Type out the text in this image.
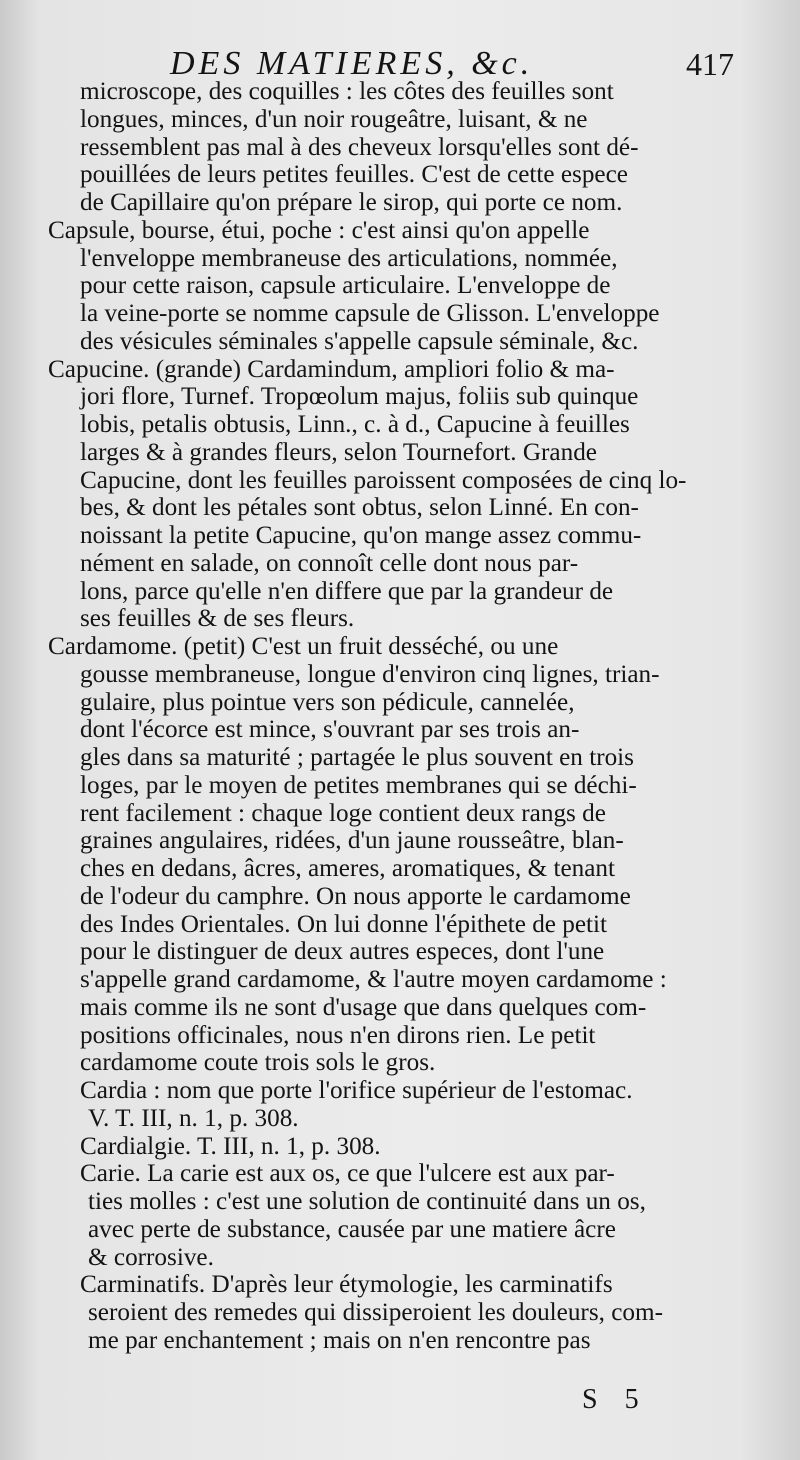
DES MATIERES, &c.	417
microscope, des coquilles : les côtes des feuilles sont
longues, minces, d'un noir rougeâtre, luisant, & ne
ressemblent pas mal à des cheveux lorsqu'elles sont dé-
pouillées de leurs petites feuilles. C'est de cette espece
de Capillaire qu'on prépare le sirop, qui porte ce nom.
Capsule, bourse, étui, poche : c'est ainsi qu'on appelle
l'enveloppe membraneuse des articulations, nommée,
pour cette raison, capsule articulaire. L'enveloppe de
la veine-porte se nomme capsule de Glisson. L'enveloppe
des vésicules séminales s'appelle capsule séminale, &c.
Capucine. (grande) Cardamindum, ampliori folio & ma-
jori flore, Turnef. Tropœolum majus, foliis sub quinque
lobis, petalis obtusis, Linn., c. à d., Capucine à feuilles
larges & à grandes fleurs, selon Tournefort. Grande
Capucine, dont les feuilles paroissent composées de cinq lo-
bes, & dont les pétales sont obtus, selon Linné. En con-
noissant la petite Capucine, qu'on mange assez commu-
nément en salade, on connoît celle dont nous par-
lons, parce qu'elle n'en differe que par la grandeur de
ses feuilles & de ses fleurs.
Cardamome. (petit) C'est un fruit desséché, ou une
gousse membraneuse, longue d'environ cinq lignes, trian-
gulaire, plus pointue vers son pédicule, cannelée,
dont l'écorce est mince, s'ouvrant par ses trois an-
gles dans sa maturité ; partagée le plus souvent en trois
loges, par le moyen de petites membranes qui se déchi-
rent facilement : chaque loge contient deux rangs de
graines angulaires, ridées, d'un jaune rousseâtre, blan-
ches en dedans, âcres, ameres, aromatiques, & tenant
de l'odeur du camphre. On nous apporte le cardamome
des Indes Orientales. On lui donne l'épithete de petit
pour le distinguer de deux autres especes, dont l'une
s'appelle grand cardamome, & l'autre moyen cardamome :
mais comme ils ne sont d'usage que dans quelques com-
positions officinales, nous n'en dirons rien. Le petit
cardamome coute trois sols le gros.
Cardia : nom que porte l'orifice supérieur de l'estomac.
V. T. III, n. 1, p. 308.
Cardialgie. T. III, n. 1, p. 308.
Carie. La carie est aux os, ce que l'ulcere est aux par-
ties molles : c'est une solution de continuité dans un os,
avec perte de substance, causée par une matiere âcre
& corrosive.
Carminatifs. D'après leur étymologie, les carminatifs
seroient des remedes qui dissiperoient les douleurs, com-
me par enchantement ; mais on n'en rencontre pas
S 5
